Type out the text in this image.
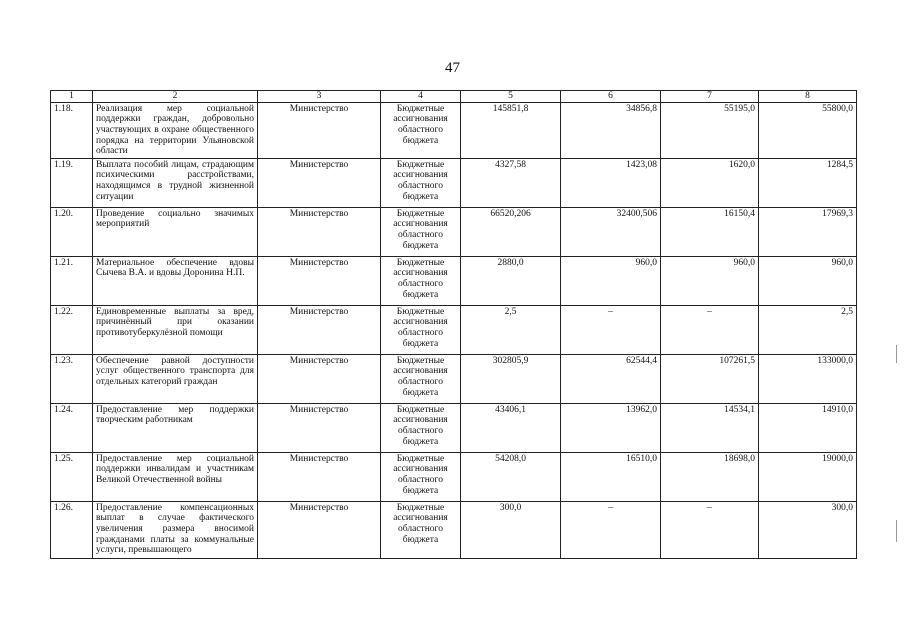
47
1	2	3	4	5	6	7	8
1.18.	Реализация мер социальной поддержки граждан, добровольно участвующих в охране общественного порядка на территории Ульяновской области	Министерство	Бюджетные ассигнования областного бюджета	145851,8	34856,8	55195,0	55800,0
1.19.	Выплата пособий лицам, страдающим психическими расстройствами, находящимся в трудной жизненной ситуации	Министерство	Бюджетные ассигнования областного бюджета	4327,58	1423,08	1620,0	1284,5
1.20.	Проведение социально значимых мероприятий	Министерство	Бюджетные ассигнования областного бюджета	66520,206	32400,506	16150,4	17969,3
1.21.	Материальное обеспечение вдовы Сычева В.А. и вдовы Доронина Н.П.	Министерство	Бюджетные ассигнования областного бюджета	2880,0	960,0	960,0	960,0
1.22.	Единовременные выплаты за вред, причинённый при оказании противотуберкулёзной помощи	Министерство	Бюджетные ассигнования областного бюджета	2,5	–	–	2,5
1.23.	Обеспечение равной доступности услуг общественного транспорта для отдельных категорий граждан	Министерство	Бюджетные ассигнования областного бюджета	302805,9	62544,4	107261,5	133000,0
1.24.	Предоставление мер поддержки творческим работникам	Министерство	Бюджетные ассигнования областного бюджета	43406,1	13962,0	14534,1	14910,0
1.25.	Предоставление мер социальной поддержки инвалидам и участникам Великой Отечественной войны	Министерство	Бюджетные ассигнования областного бюджета	54208,0	16510,0	18698,0	19000,0
1.26.	Предоставление компенсационных выплат в случае фактического увеличения размера вносимой гражданами платы за коммунальные услуги, превышающего	Министерство	Бюджетные ассигнования областного бюджета	300,0	–	–	300,0
